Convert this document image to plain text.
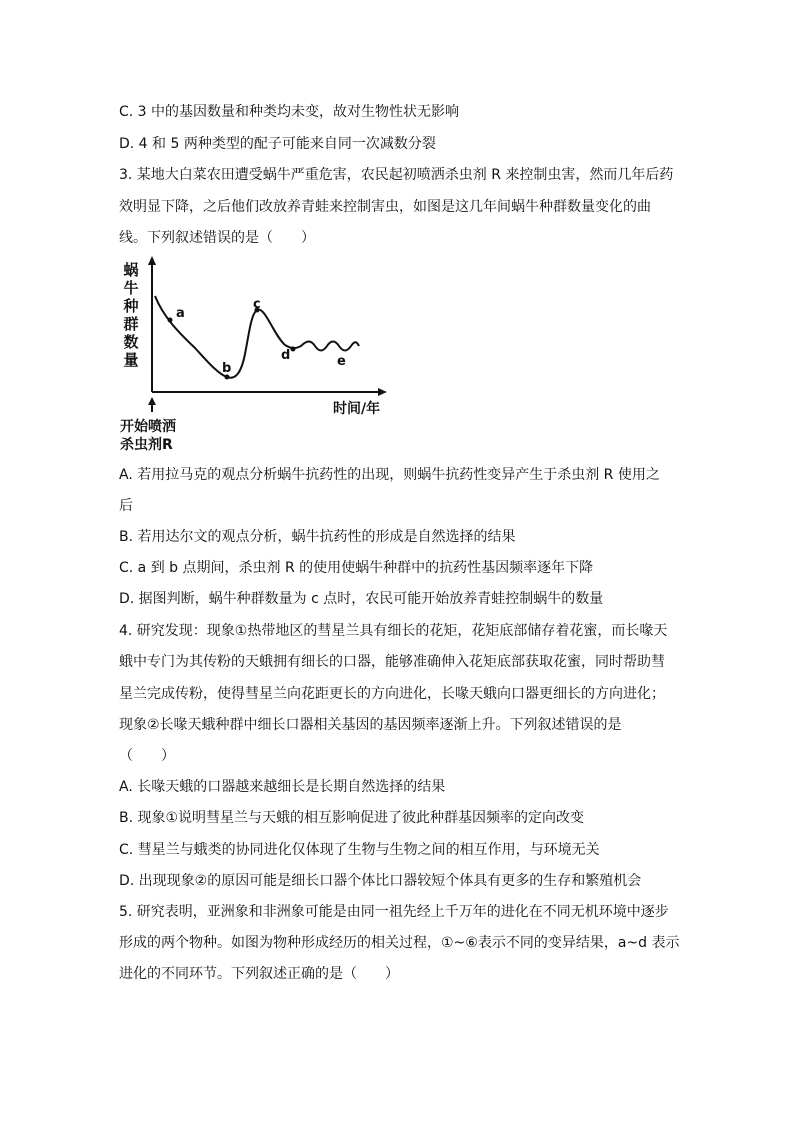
C. 3 中的基因数量和种类均未变，故对生物性状无影响
D. 4 和 5 两种类型的配子可能来自同一次减数分裂
3. 某地大白菜农田遭受蜗牛严重危害，农民起初喷洒杀虫剂 R 来控制虫害，然而几年后药
效明显下降，之后他们改放养青蛙来控制害虫，如图是这几年间蜗牛种群数量变化的曲
线。下列叙述错误的是（　　）
蜗
牛
种
群
数
量
a
b
c
d	e
时间/年
开始喷洒
杀虫剂R
A. 若用拉马克的观点分析蜗牛抗药性的出现，则蜗牛抗药性变异产生于杀虫剂 R 使用之
后
B. 若用达尔文的观点分析，蜗牛抗药性的形成是自然选择的结果
C. a 到 b 点期间，杀虫剂 R 的使用使蜗牛种群中的抗药性基因频率逐年下降
D. 据图判断，蜗牛种群数量为 c 点时，农民可能开始放养青蛙控制蜗牛的数量
4. 研究发现：现象①热带地区的彗星兰具有细长的花矩，花矩底部储存着花蜜，而长喙天
蛾中专门为其传粉的天蛾拥有细长的口器，能够准确伸入花矩底部获取花蜜，同时帮助彗
星兰完成传粉，使得彗星兰向花距更长的方向进化，长喙天蛾向口器更细长的方向进化；
现象②长喙天蛾种群中细长口器相关基因的基因频率逐渐上升。下列叙述错误的是
（　　）
A. 长喙天蛾的口器越来越细长是长期自然选择的结果
B. 现象①说明彗星兰与天蛾的相互影响促进了彼此种群基因频率的定向改变
C. 彗星兰与蛾类的协同进化仅体现了生物与生物之间的相互作用，与环境无关
D. 出现现象②的原因可能是细长口器个体比口器较短个体具有更多的生存和繁殖机会
5. 研究表明，亚洲象和非洲象可能是由同一祖先经上千万年的进化在不同无机环境中逐步
形成的两个物种。如图为物种形成经历的相关过程，①~⑥表示不同的变异结果，a~d 表示
进化的不同环节。下列叙述正确的是（　　）
